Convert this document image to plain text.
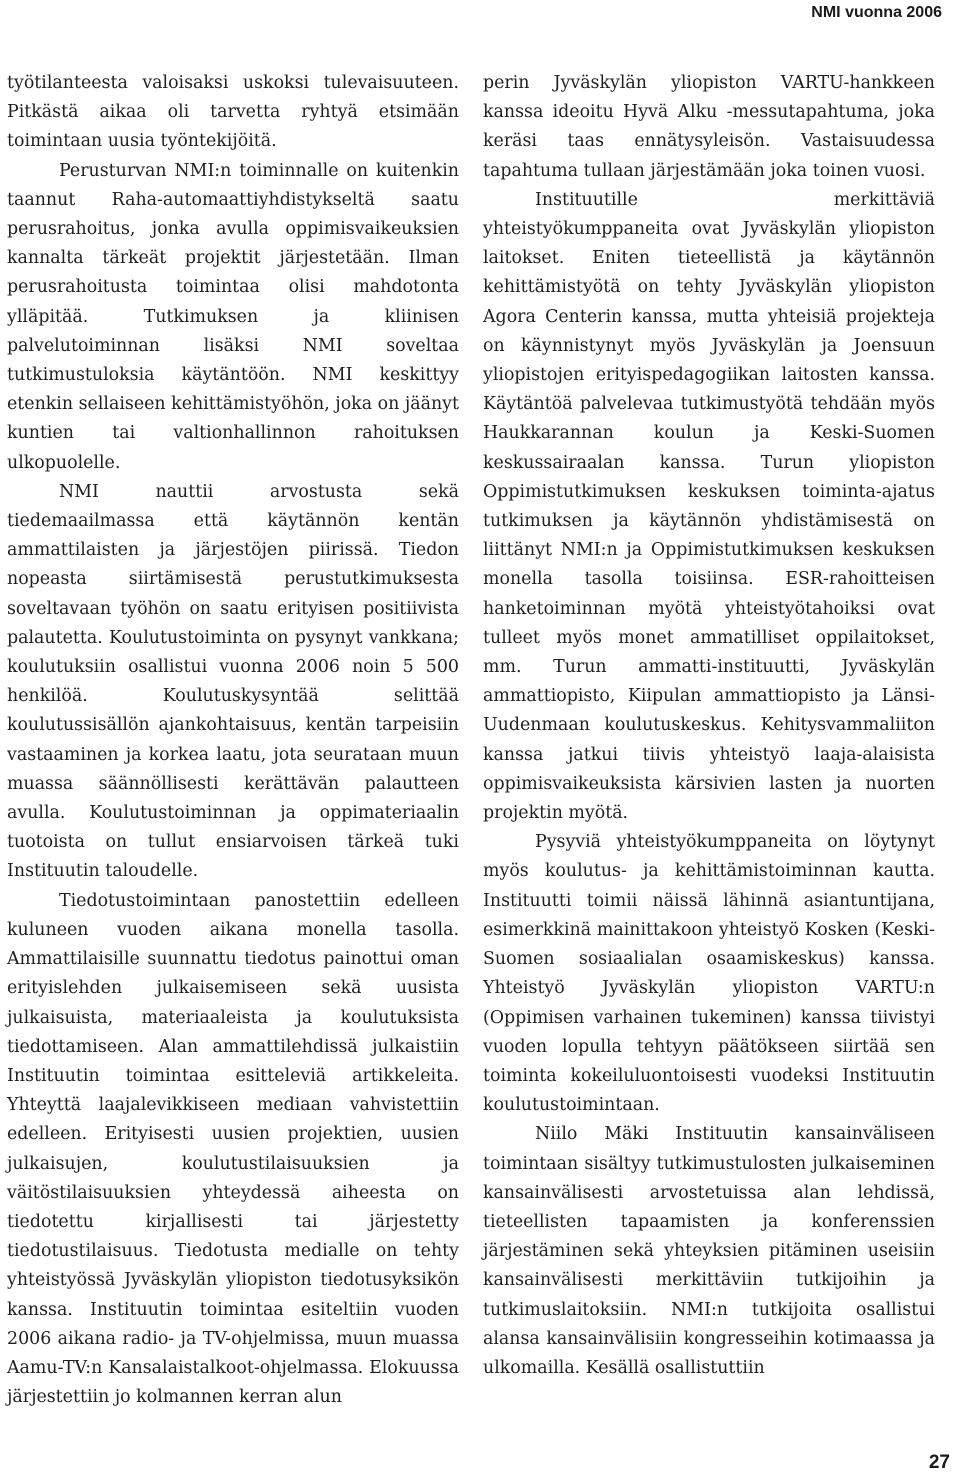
NMI vuonna 2006

työtilanteesta valoisaksi uskoksi tulevaisuuteen. Pitkästä aikaa oli tarvetta ryhtyä etsimään toimintaan uusia työntekijöitä.

Perusturvan NMI:n toiminnalle on kuitenkin taannut Raha-automaattiyhdistykseltä saatu perusrahoitus, jonka avulla oppimisvaikeuksien kannalta tärkeät projektit järjestetään. Ilman perusrahoitusta toimintaa olisi mahdotonta ylläpitää. Tutkimuksen ja kliinisen palvelutoiminnan lisäksi NMI soveltaa tutkimustuloksia käytäntöön. NMI keskittyy etenkin sellaiseen kehittämistyöhön, joka on jäänyt kuntien tai valtionhallinnon rahoituksen ulkopuolelle.

NMI nauttii arvostusta sekä tiedemaailmassa että käytännön kentän ammattilaisten ja järjestöjen piirissä. Tiedon nopeasta siirtämisestä perustutkimuksesta soveltavaan työhön on saatu erityisen positiivista palautetta. Koulutustoiminta on pysynyt vankkana; koulutuksiin osallistui vuonna 2006 noin 5 500 henkilöä. Koulutuskysyntää selittää koulutussisällön ajankohtaisuus, kentän tarpeisiin vastaaminen ja korkea laatu, jota seurataan muun muassa säännöllisesti kerättävän palautteen avulla. Koulutustoiminnan ja oppimateriaalin tuotoista on tullut ensiarvoisen tärkeä tuki Instituutin taloudelle.

Tiedotustoimintaan panostettiin edelleen kuluneen vuoden aikana monella tasolla. Ammattilaisille suunnattu tiedotus painottui oman erityislehden julkaisemiseen sekä uusista julkaisuista, materiaaleista ja koulutuksista tiedottamiseen. Alan ammattilehdissä julkaistiin Instituutin toimintaa esitteleviä artikkeleita. Yhteyttä laajalevikkiseen mediaan vahvistettiin edelleen. Erityisesti uusien projektien, uusien julkaisujen, koulutustilaisuuksien ja väitöstilaisuuksien yhteydessä aiheesta on tiedotettu kirjallisesti tai järjestetty tiedotustilaisuus. Tiedotusta medialle on tehty yhteistyössä Jyväskylän yliopiston tiedotusyksikön kanssa. Instituutin toimintaa esiteltiin vuoden 2006 aikana radio- ja TV-ohjelmissa, muun muassa Aamu-TV:n Kansalaistalkoot-ohjelmassa. Elokuussa järjestettiin jo kolmannen kerran alun

perin Jyväskylän yliopiston VARTU-hankkeen kanssa ideoitu Hyvä Alku -messutapahtuma, joka keräsi taas ennätysyleisön. Vastaisuudessa tapahtuma tullaan järjestämään joka toinen vuosi.

Instituutille merkittäviä yhteistyökumppaneita ovat Jyväskylän yliopiston laitokset. Eniten tieteellistä ja käytännön kehittämistyötä on tehty Jyväskylän yliopiston Agora Centerin kanssa, mutta yhteisiä projekteja on käynnistynyt myös Jyväskylän ja Joensuun yliopistojen erityispedagogiikan laitosten kanssa. Käytäntöä palvelevaa tutkimustyötä tehdään myös Haukkarannan koulun ja Keski-Suomen keskussairaalan kanssa. Turun yliopiston Oppimistutkimuksen keskuksen toiminta-ajatus tutkimuksen ja käytännön yhdistämisestä on liittänyt NMI:n ja Oppimistutkimuksen keskuksen monella tasolla toisiinsa. ESR-rahoitteisen hanketoiminnan myötä yhteistyötahoiksi ovat tulleet myös monet ammatilliset oppilaitokset, mm. Turun ammatti-instituutti, Jyväskylän ammattiopisto, Kiipulan ammattiopisto ja Länsi-Uudenmaan koulutuskeskus. Kehitysvammaliiton kanssa jatkui tiivis yhteistyö laaja-alaisista oppimisvaikeuksista kärsivien lasten ja nuorten projektin myötä.

Pysyviä yhteistyökumppaneita on löytynyt myös koulutus- ja kehittämistoiminnan kautta. Instituutti toimii näissä lähinnä asiantuntijana, esimerkkinä mainittakoon yhteistyö Kosken (Keski-Suomen sosiaalialan osaamiskeskus) kanssa. Yhteistyö Jyväskylän yliopiston VARTU:n (Oppimisen varhainen tukeminen) kanssa tiivistyi vuoden lopulla tehtyyn päätökseen siirtää sen toiminta kokeiluluontoisesti vuodeksi Instituutin koulutustoimintaan.

Niilo Mäki Instituutin kansainväliseen toimintaan sisältyy tutkimustulosten julkaiseminen kansainvälisesti arvostetuissa alan lehdissä, tieteellisten tapaamisten ja konferenssien järjestäminen sekä yhteyksien pitäminen useisiin kansainvälisesti merkittäviin tutkijoihin ja tutkimuslaitoksiin. NMI:n tutkijoita osallistui alansa kansainvälisiin kongresseihin kotimaassa ja ulkomailla. Kesällä osallistuttiin

27
